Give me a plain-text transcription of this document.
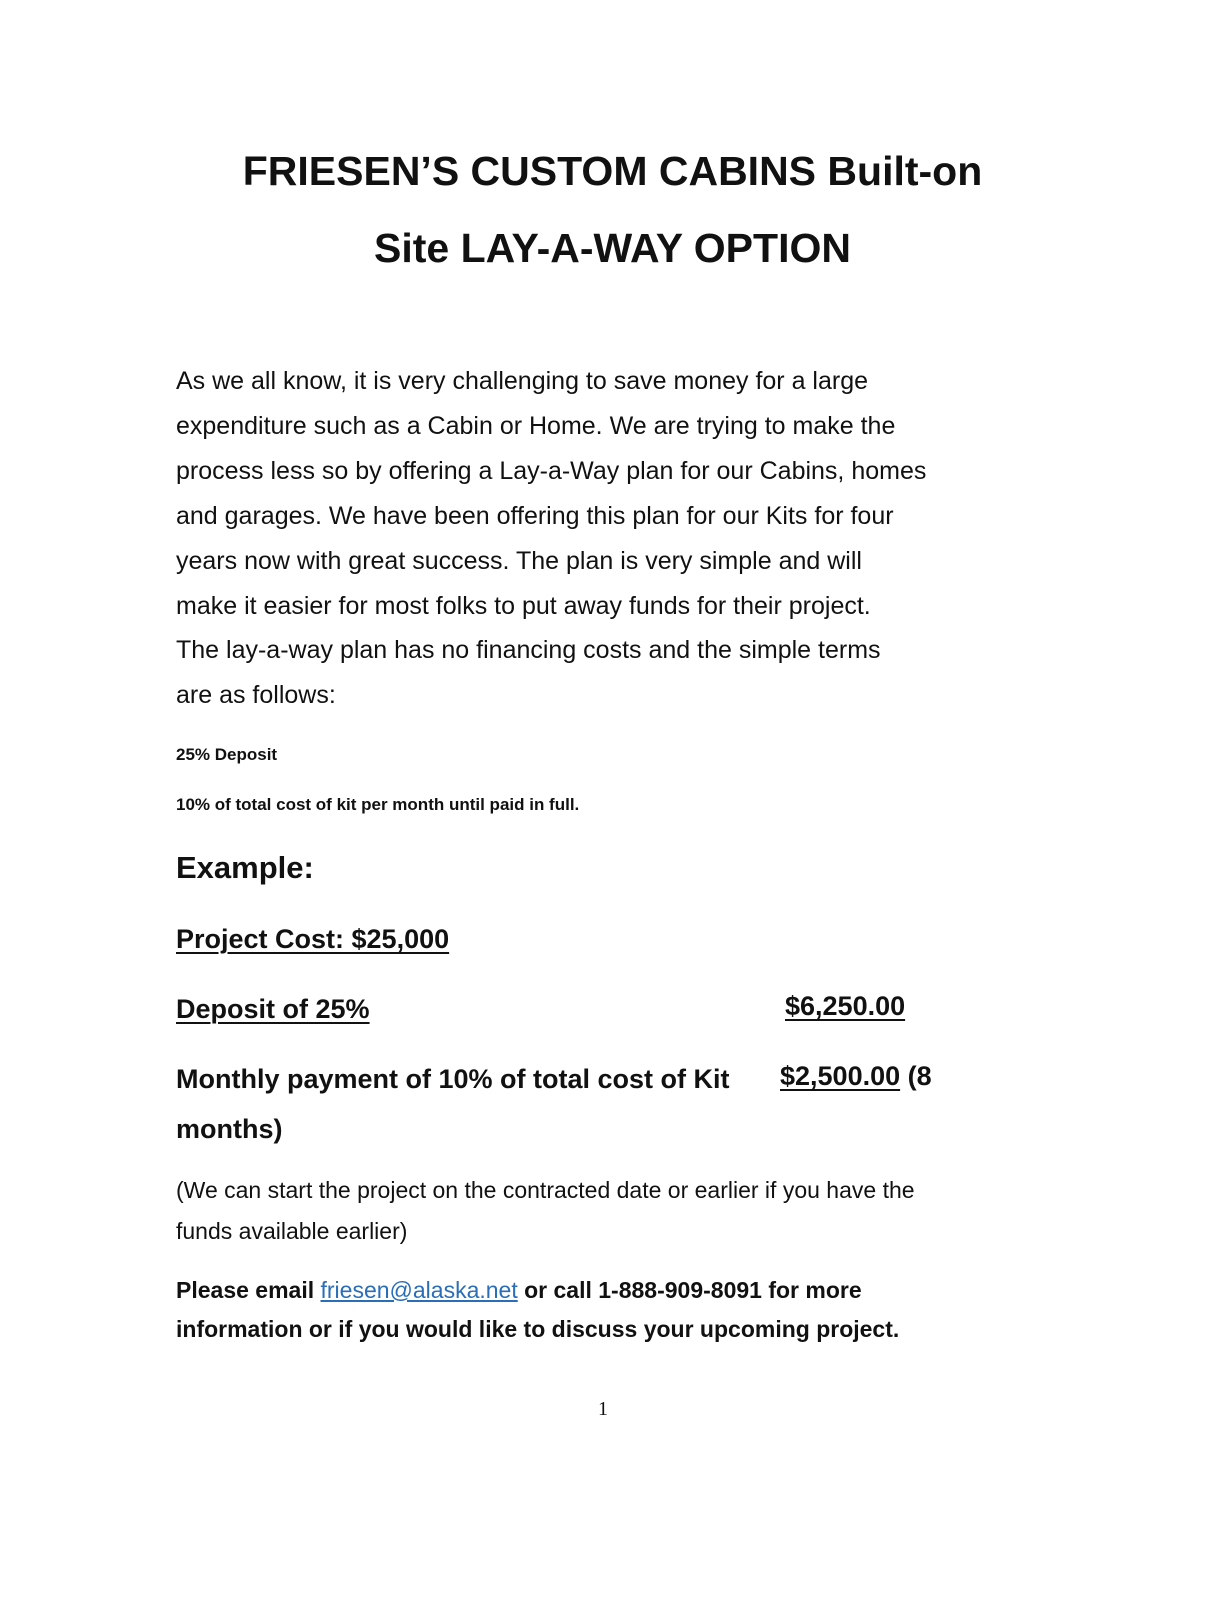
FRIESEN’S CUSTOM CABINS Built-on
Site LAY-A-WAY OPTION
As we all know, it is very challenging to save money for a large
expenditure such as a Cabin or Home. We are trying to make the
process less so by offering a Lay-a-Way plan for our Cabins, homes
and garages. We have been offering this plan for our Kits for four
years now with great success. The plan is very simple and will
make it easier for most folks to put away funds for their project.
The lay-a-way plan has no financing costs and the simple terms
are as follows:
25% Deposit
10% of total cost of kit per month until paid in full.
Example:
Project Cost: $25,000
Deposit of 25%	$6,250.00
Monthly payment of 10% of total cost of Kit	$2,500.00 (8
months)
(We can start the project on the contracted date or earlier if you have the
funds available earlier)
Please email friesen@alaska.net or call 1-888-909-8091 for more
information or if you would like to discuss your upcoming project.
1
